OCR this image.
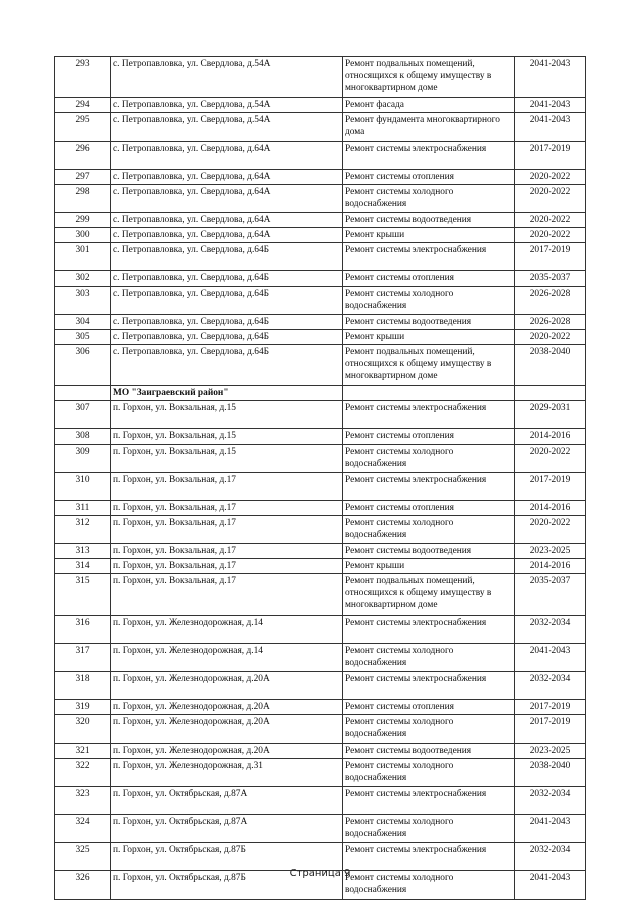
293	с. Петропавловка, ул. Свердлова, д.54А	Ремонт подвальных помещений, относящихся к общему имуществу в многоквартирном доме	2041-2043
294	с. Петропавловка, ул. Свердлова, д.54А	Ремонт фасада	2041-2043
295	с. Петропавловка, ул. Свердлова, д.54А	Ремонт фундамента многоквартирного дома	2041-2043
296	с. Петропавловка, ул. Свердлова, д.64А	Ремонт системы электроснабжения	2017-2019
297	с. Петропавловка, ул. Свердлова, д.64А	Ремонт системы отопления	2020-2022
298	с. Петропавловка, ул. Свердлова, д.64А	Ремонт системы холодного водоснабжения	2020-2022
299	с. Петропавловка, ул. Свердлова, д.64А	Ремонт системы водоотведения	2020-2022
300	с. Петропавловка, ул. Свердлова, д.64А	Ремонт крыши	2020-2022
301	с. Петропавловка, ул. Свердлова, д.64Б	Ремонт системы электроснабжения	2017-2019
302	с. Петропавловка, ул. Свердлова, д.64Б	Ремонт системы отопления	2035-2037
303	с. Петропавловка, ул. Свердлова, д.64Б	Ремонт системы холодного водоснабжения	2026-2028
304	с. Петропавловка, ул. Свердлова, д.64Б	Ремонт системы водоотведения	2026-2028
305	с. Петропавловка, ул. Свердлова, д.64Б	Ремонт крыши	2020-2022
306	с. Петропавловка, ул. Свердлова, д.64Б	Ремонт подвальных помещений, относящихся к общему имуществу в многоквартирном доме	2038-2040
	МО "Заиграевский район"		
307	п. Горхон, ул. Вокзальная, д.15	Ремонт системы электроснабжения	2029-2031
308	п. Горхон, ул. Вокзальная, д.15	Ремонт системы отопления	2014-2016
309	п. Горхон, ул. Вокзальная, д.15	Ремонт системы холодного водоснабжения	2020-2022
310	п. Горхон, ул. Вокзальная, д.17	Ремонт системы электроснабжения	2017-2019
311	п. Горхон, ул. Вокзальная, д.17	Ремонт системы отопления	2014-2016
312	п. Горхон, ул. Вокзальная, д.17	Ремонт системы холодного водоснабжения	2020-2022
313	п. Горхон, ул. Вокзальная, д.17	Ремонт системы водоотведения	2023-2025
314	п. Горхон, ул. Вокзальная, д.17	Ремонт крыши	2014-2016
315	п. Горхон, ул. Вокзальная, д.17	Ремонт подвальных помещений, относящихся к общему имуществу в многоквартирном доме	2035-2037
316	п. Горхон, ул. Железнодорожная, д.14	Ремонт системы электроснабжения	2032-2034
317	п. Горхон, ул. Железнодорожная, д.14	Ремонт системы холодного водоснабжения	2041-2043
318	п. Горхон, ул. Железнодорожная, д.20А	Ремонт системы электроснабжения	2032-2034
319	п. Горхон, ул. Железнодорожная, д.20А	Ремонт системы отопления	2017-2019
320	п. Горхон, ул. Железнодорожная, д.20А	Ремонт системы холодного водоснабжения	2017-2019
321	п. Горхон, ул. Железнодорожная, д.20А	Ремонт системы водоотведения	2023-2025
322	п. Горхон, ул. Железнодорожная, д.31	Ремонт системы холодного водоснабжения	2038-2040
323	п. Горхон, ул. Октябрьская, д.87А	Ремонт системы электроснабжения	2032-2034
324	п. Горхон, ул. Октябрьская, д.87А	Ремонт системы холодного водоснабжения	2041-2043
325	п. Горхон, ул. Октябрьская, д.87Б	Ремонт системы электроснабжения	2032-2034
326	п. Горхон, ул. Октябрьская, д.87Б	Ремонт системы холодного водоснабжения	2041-2043
Страница 9
